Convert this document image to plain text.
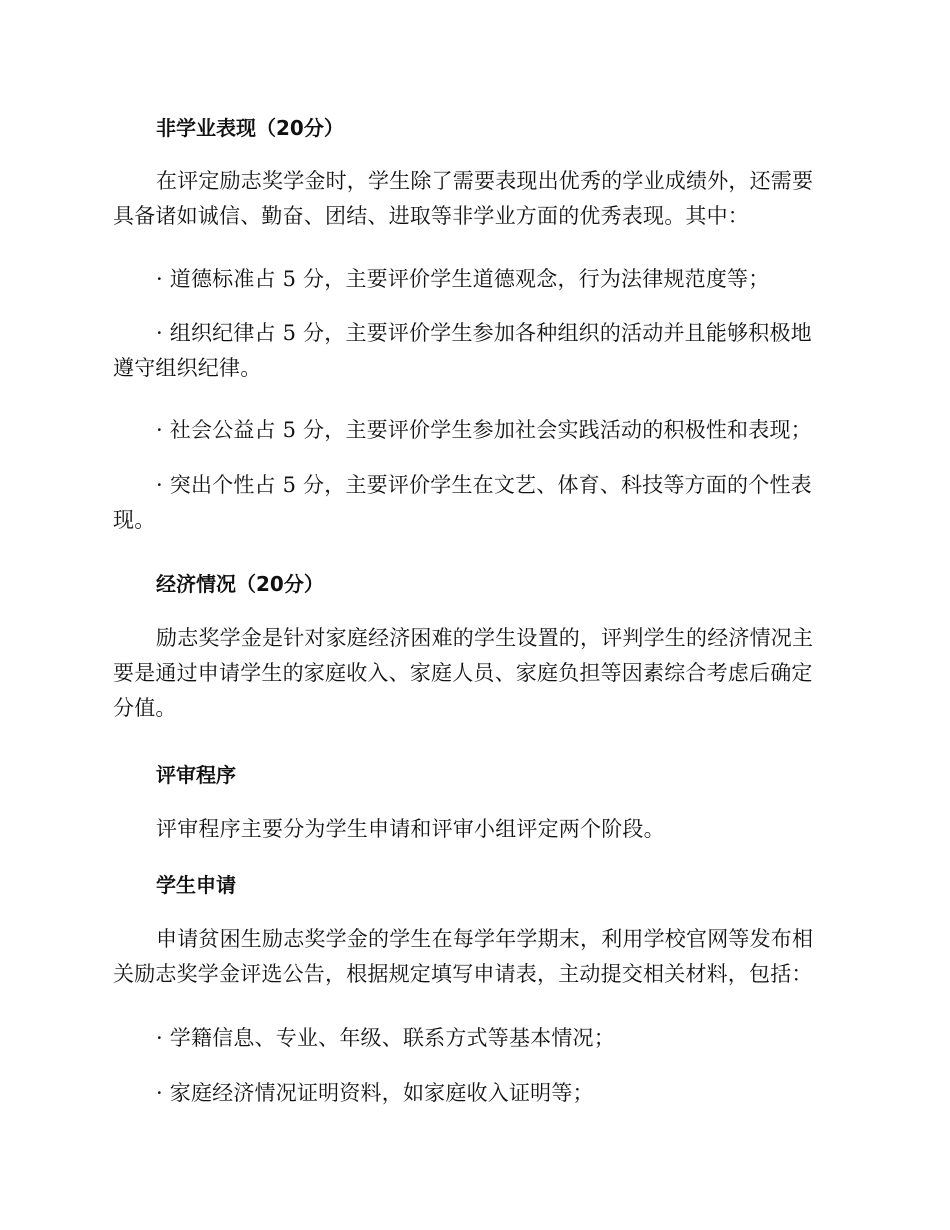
非学业表现（20分）
在评定励志奖学金时，学生除了需要表现出优秀的学业成绩外，还需要具备诸如诚信、勤奋、团结、进取等非学业方面的优秀表现。其中：
· 道德标准占 5 分，主要评价学生道德观念，行为法律规范度等；
· 组织纪律占 5 分，主要评价学生参加各种组织的活动并且能够积极地遵守组织纪律。
· 社会公益占 5 分，主要评价学生参加社会实践活动的积极性和表现；
· 突出个性占 5 分，主要评价学生在文艺、体育、科技等方面的个性表现。
经济情况（20分）
励志奖学金是针对家庭经济困难的学生设置的，评判学生的经济情况主要是通过申请学生的家庭收入、家庭人员、家庭负担等因素综合考虑后确定分值。
评审程序
评审程序主要分为学生申请和评审小组评定两个阶段。
学生申请
申请贫困生励志奖学金的学生在每学年学期末，利用学校官网等发布相关励志奖学金评选公告，根据规定填写申请表，主动提交相关材料，包括：
· 学籍信息、专业、年级、联系方式等基本情况；
· 家庭经济情况证明资料，如家庭收入证明等；
